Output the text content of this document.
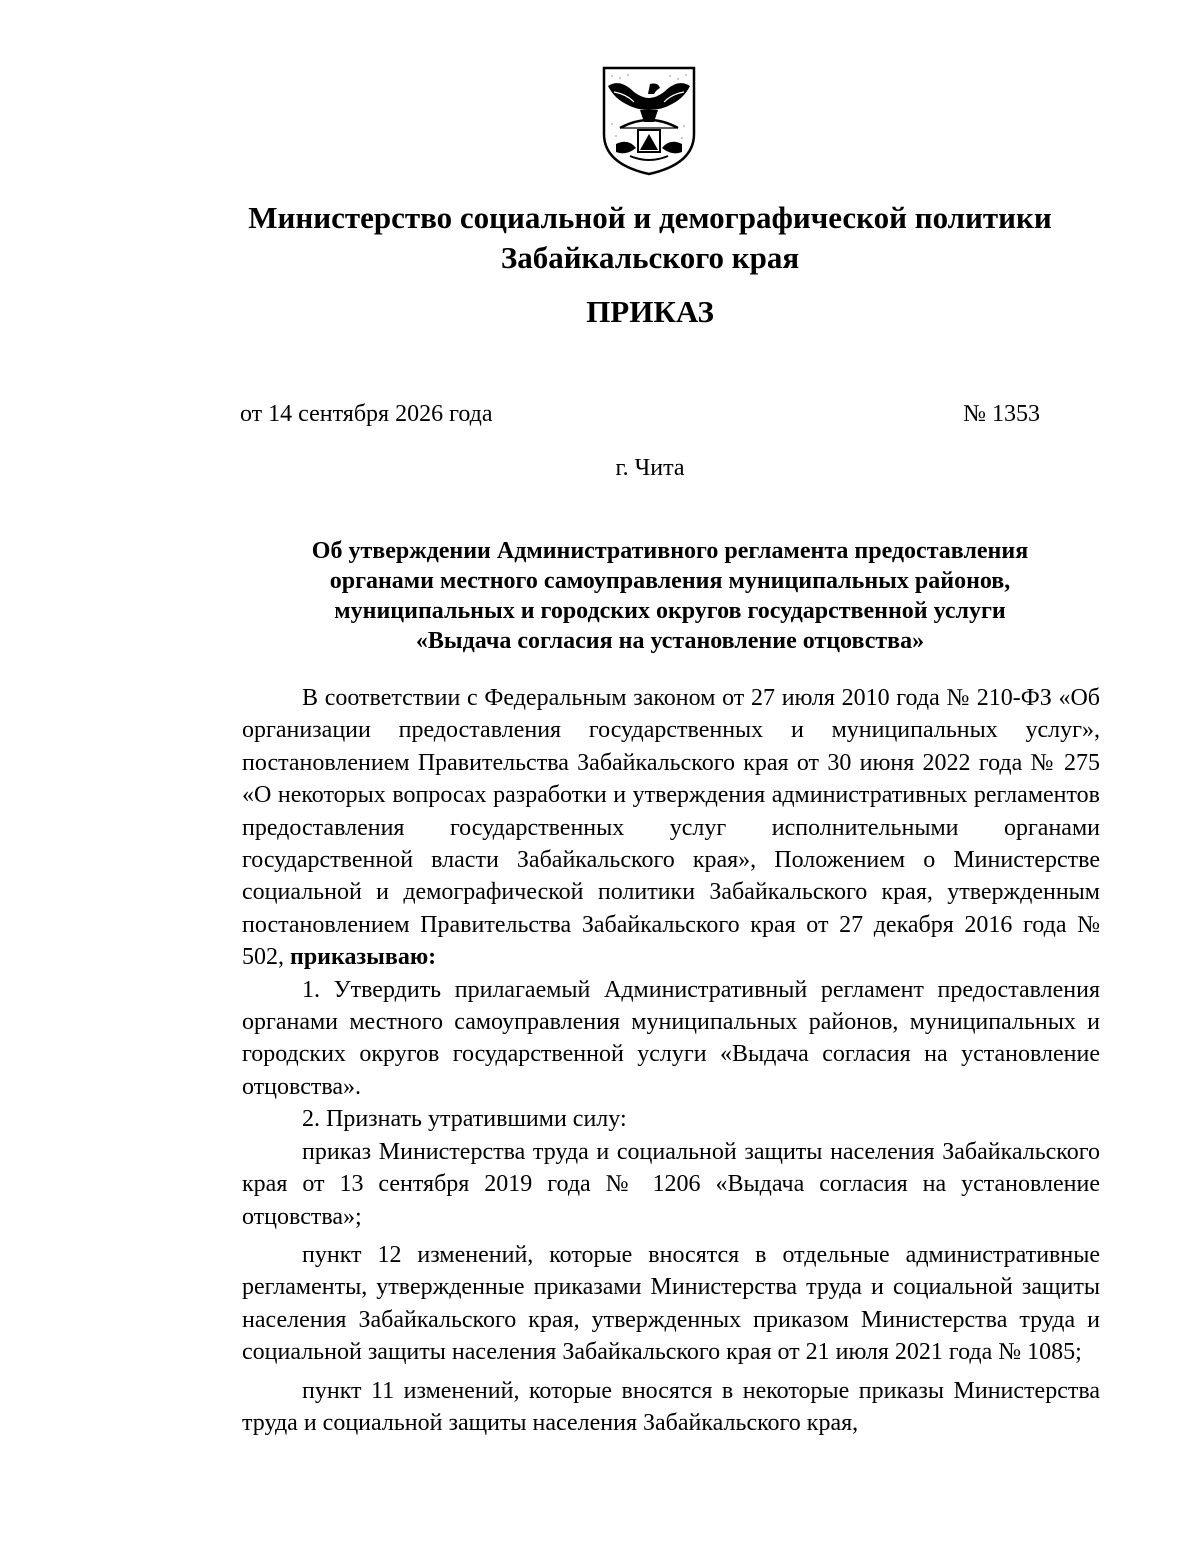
Министерство социальной и демографической политики
Забайкальского края
ПРИКАЗ
от 14 сентября 2026 года	№ 1353
г. Чита
Об утверждении Административного регламента предоставления
органами местного самоуправления муниципальных районов,
муниципальных и городских округов государственной услуги
«Выдача согласия на установление отцовства»

В соответствии с Федеральным законом от 27 июля 2010 года № 210-ФЗ «Об организации предоставления государственных и муниципальных услуг», постановлением Правительства Забайкальского края от 30 июня 2022 года № 275 «О некоторых вопросах разработки и утверждения административных регламентов предоставления государственных услуг исполнительными органами государственной власти Забайкальского края», Положением о Министерстве социальной и демографической политики Забайкальского края, утвержденным постановлением Правительства Забайкальского края от 27 декабря 2016 года № 502, приказываю:

1. Утвердить прилагаемый Административный регламент предоставления органами местного самоуправления муниципальных районов, муниципальных и городских округов государственной услуги «Выдача согласия на установление отцовства».

2. Признать утратившими силу:

приказ Министерства труда и социальной защиты населения Забайкальского края от 13 сентября 2019 года № 1206 «Выдача согласия на установление отцовства»;

пункт 12 изменений, которые вносятся в отдельные административные регламенты, утвержденные приказами Министерства труда и социальной защиты населения Забайкальского края, утвержденных приказом Министерства труда и социальной защиты населения Забайкальского края от 21 июля 2021 года № 1085;

пункт 11 изменений, которые вносятся в некоторые приказы Министерства труда и социальной защиты населения Забайкальского края,
